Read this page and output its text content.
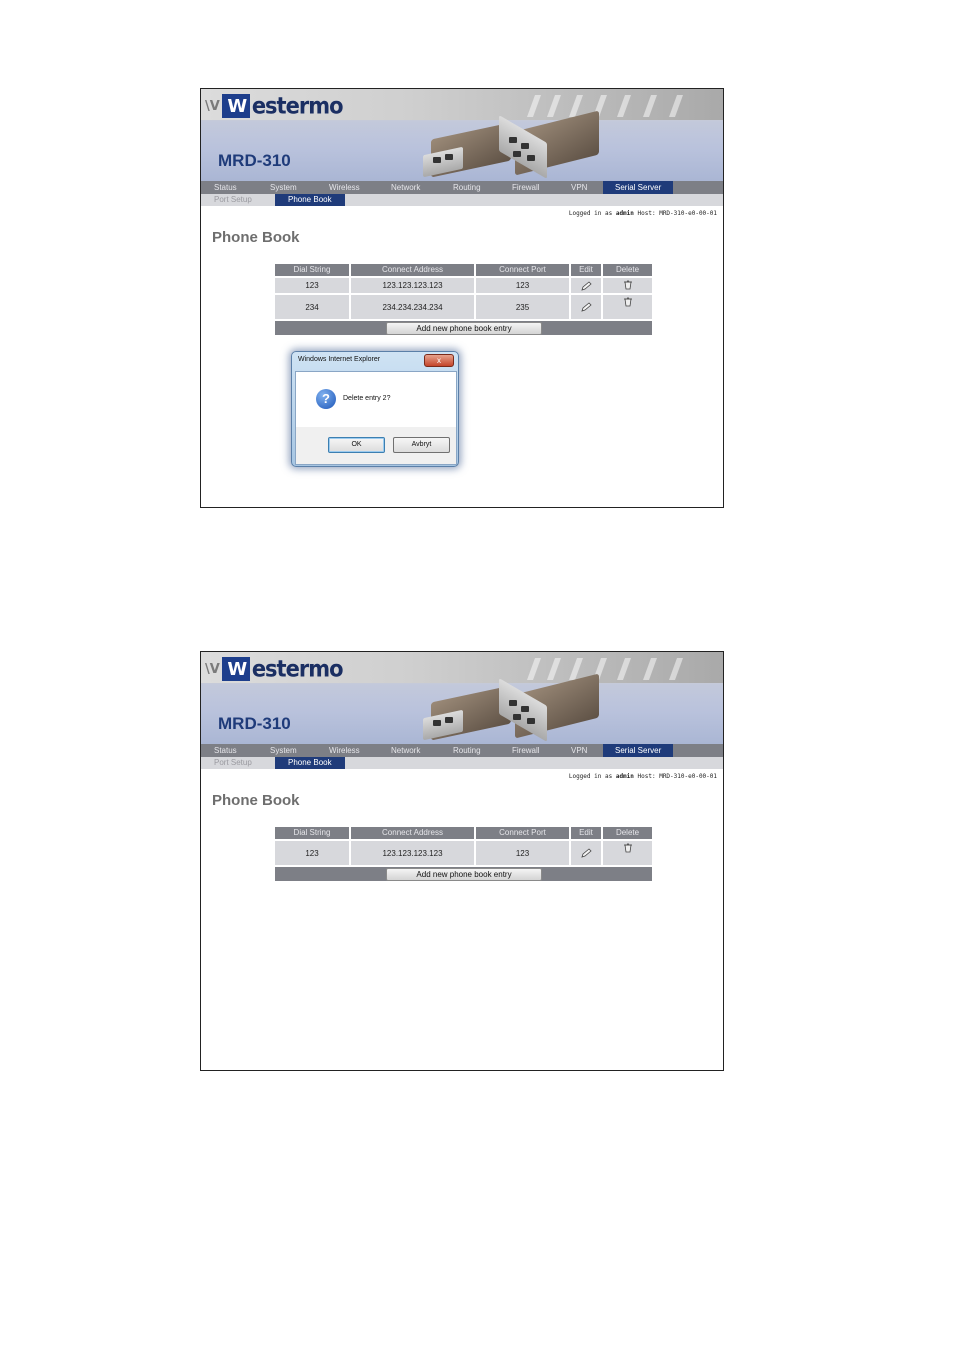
\V W estermo
MRD-310
Status	System	Wireless	Network	Routing	Firewall	VPN	Serial Server
Port Setup	Phone Book
Logged in as admin Host: MRD-310-e0-00-01
Phone Book
Dial String	Connect Address	Connect Port	Edit	Delete
123	123.123.123.123	123
234	234.234.234.234	235
Add new phone book entry
Windows Internet Explorer	x
?	Delete entry 2?
OK	Avbryt
\V W estermo
MRD-310
Status	System	Wireless	Network	Routing	Firewall	VPN	Serial Server
Port Setup	Phone Book
Logged in as admin Host: MRD-310-e0-00-01
Phone Book
Dial String	Connect Address	Connect Port	Edit	Delete
123	123.123.123.123	123
Add new phone book entry
